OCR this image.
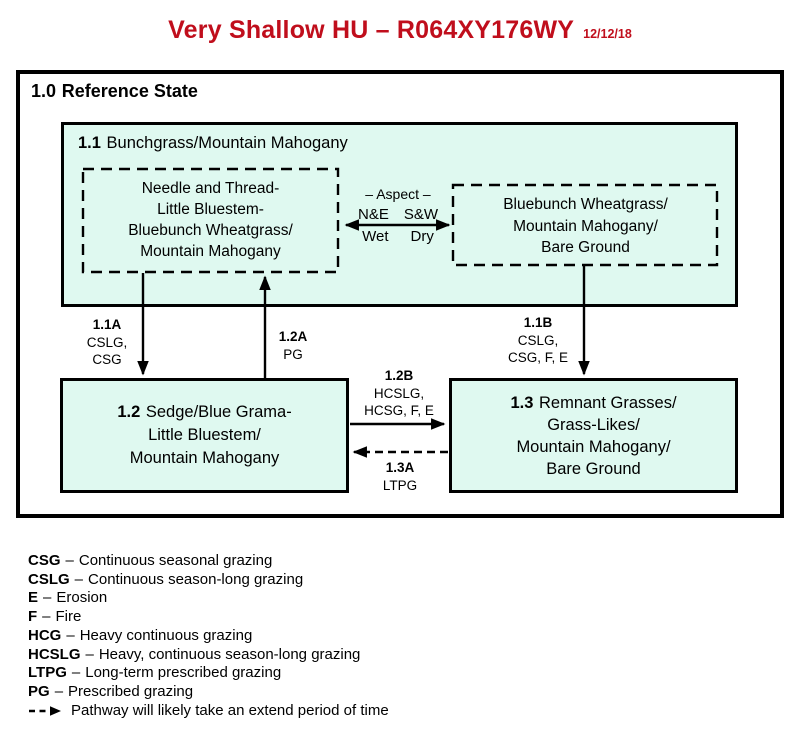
Very Shallow HU – R064XY176WY 12/12/18
1.0 Reference State
1.1 Bunchgrass/Mountain Mahogany
Needle and Thread-
Little Bluestem-
Bluebunch Wheatgrass/
Mountain Mahogany
– Aspect –
N&E S&W
Wet Dry
Bluebunch Wheatgrass/
Mountain Mahogany/
Bare Ground
1.1A
CSLG,
CSG
1.2A
PG
1.1B
CSLG,
CSG, F, E
1.2B
HCSLG,
HCSG, F, E
1.3A
LTPG
1.2 Sedge/Blue Grama-
Little Bluestem/
Mountain Mahogany
1.3 Remnant Grasses/
Grass-Likes/
Mountain Mahogany/
Bare Ground
CSG – Continuous seasonal grazing
CSLG – Continuous season-long grazing
E – Erosion
F – Fire
HCG – Heavy continuous grazing
HCSLG – Heavy, continuous season-long grazing
LTPG – Long-term prescribed grazing
PG – Prescribed grazing
Pathway will likely take an extend period of time
